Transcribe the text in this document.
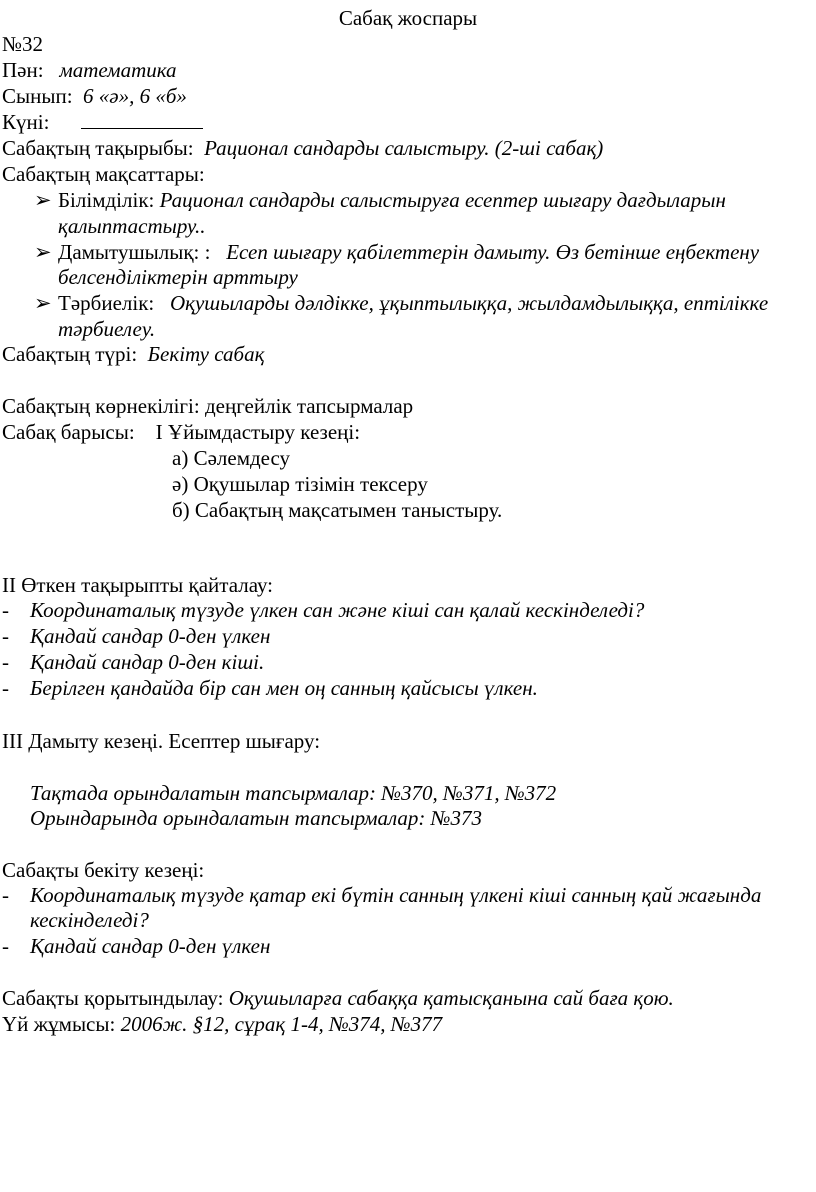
Сабақ жоспары
№32
Пән: математика
Сынып: 6 «ә», 6 «б»
Күні:
Сабақтың тақырыбы: Рационал сандарды салыстыру. (2-ші сабақ)
Сабақтың мақсаттары:
➢ Білімділік: Рационал сандарды салыстыруға есептер шығару дағдыларын
қалыптастыру..
➢ Дамытушылық: : Есеп шығару қабілеттерін дамыту. Өз бетінше еңбектену
белсенділіктерін арттыру
➢ Тәрбиелік: Оқушыларды дәлдікке, ұқыптылыққа, жылдамдылыққа, ептілікке
тәрбиелеу.
Сабақтың түрі: Бекіту сабақ
Сабақтың көрнекілігі: деңгейлік тапсырмалар
Сабақ барысы: I Ұйымдастыру кезеңі:
а) Сәлемдесу
ә) Оқушылар тізімін тексеру
б) Сабақтың мақсатымен таныстыру.
II Өткен тақырыпты қайталау:
- Координаталық түзуде үлкен сан және кіші сан қалай кескінделеді?
- Қандай сандар 0-ден үлкен
- Қандай сандар 0-ден кіші.
- Берілген қандайда бір сан мен оң санның қайсысы үлкен.
III Дамыту кезеңі. Есептер шығару:
Тақтада орындалатын тапсырмалар: №370, №371, №372
Орындарында орындалатын тапсырмалар: №373
Сабақты бекіту кезеңі:
- Координаталық түзуде қатар екі бүтін санның үлкені кіші санның қай жағында
кескінделеді?
- Қандай сандар 0-ден үлкен
Сабақты қорытындылау: Оқушыларға сабаққа қатысқанына сай баға қою.
Үй жұмысы: 2006ж. §12, сұрақ 1-4, №374, №377
